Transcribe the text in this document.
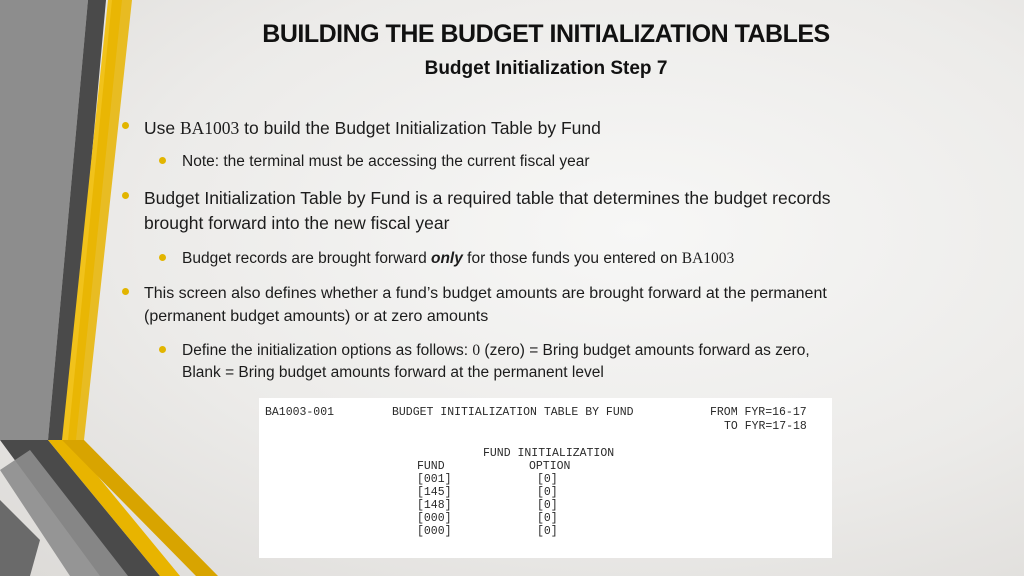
BUILDING THE BUDGET INITIALIZATION TABLES
Budget Initialization Step 7
Use BA1003 to build the Budget Initialization Table by Fund
Note: the terminal must be accessing the current fiscal year
Budget Initialization Table by Fund is a required table that determines the budget records
brought forward into the new fiscal year
Budget records are brought forward only for those funds you entered on BA1003
This screen also defines whether a fund’s budget amounts are brought forward at the permanent
(permanent budget amounts) or at zero amounts
Define the initialization options as follows: 0 (zero) = Bring budget amounts forward as zero,
Blank = Bring budget amounts forward at the permanent level
BA1003-001	BUDGET INITIALIZATION TABLE BY FUND	FROM FYR=16-17
TO FYR=17-18
FUND INITIALIZATION
FUND	OPTION
[001]	[0]
[145]	[0]
[148]	[0]
[000]	[0]
[000]	[0]
